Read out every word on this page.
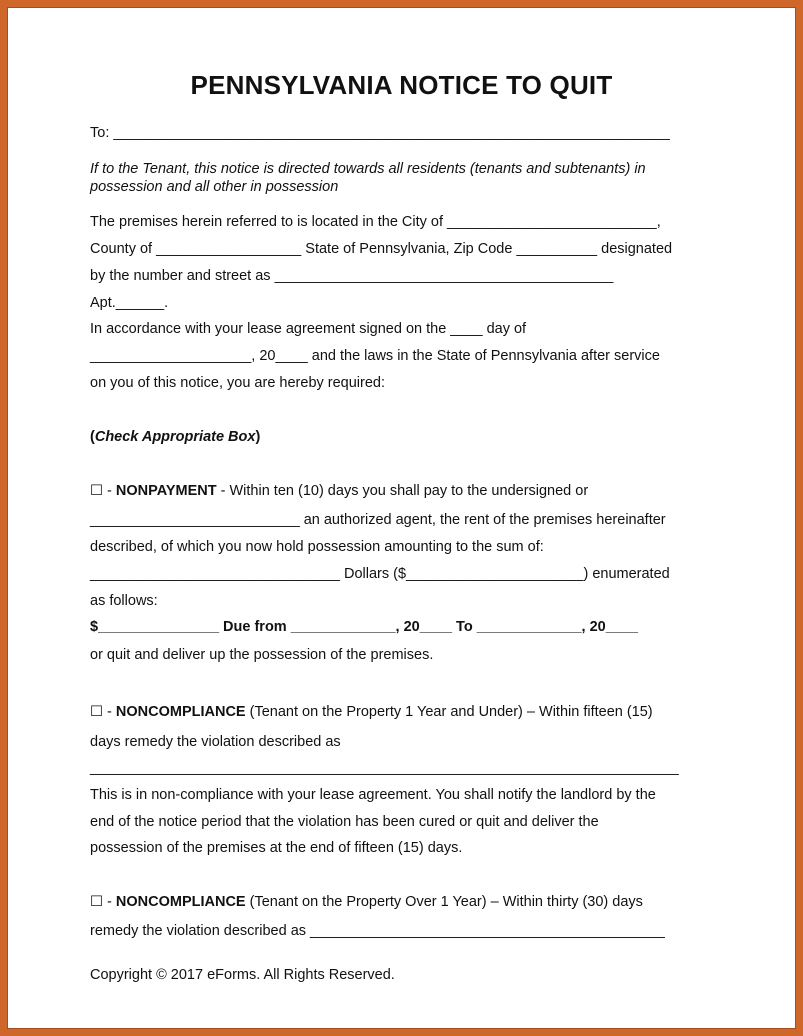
PENNSYLVANIA NOTICE TO QUIT
To: _____________________________________________________________________
If to the Tenant, this notice is directed towards all residents (tenants and subtenants) in
possession and all other in possession
The premises herein referred to is located in the City of __________________________,
County of __________________ State of Pennsylvania, Zip Code __________ designated
by the number and street as __________________________________________
Apt.______.
In accordance with your lease agreement signed on the ____ day of
____________________, 20____ and the laws in the State of Pennsylvania after service
on you of this notice, you are hereby required:
(Check Appropriate Box)
☐ - NONPAYMENT - Within ten (10) days you shall pay to the undersigned or
__________________________ an authorized agent, the rent of the premises hereinafter
described, of which you now hold possession amounting to the sum of:
_______________________________ Dollars ($______________________) enumerated
as follows:
$_______________ Due from _____________, 20____ To _____________, 20____
or quit and deliver up the possession of the premises.
☐ - NONCOMPLIANCE (Tenant on the Property 1 Year and Under) – Within fifteen (15)
days remedy the violation described as
_________________________________________________________________________
This is in non-compliance with your lease agreement. You shall notify the landlord by the
end of the notice period that the violation has been cured or quit and deliver the
possession of the premises at the end of fifteen (15) days.
☐ - NONCOMPLIANCE (Tenant on the Property Over 1 Year) – Within thirty (30) days
remedy the violation described as ____________________________________________
Copyright © 2017 eForms. All Rights Reserved.
